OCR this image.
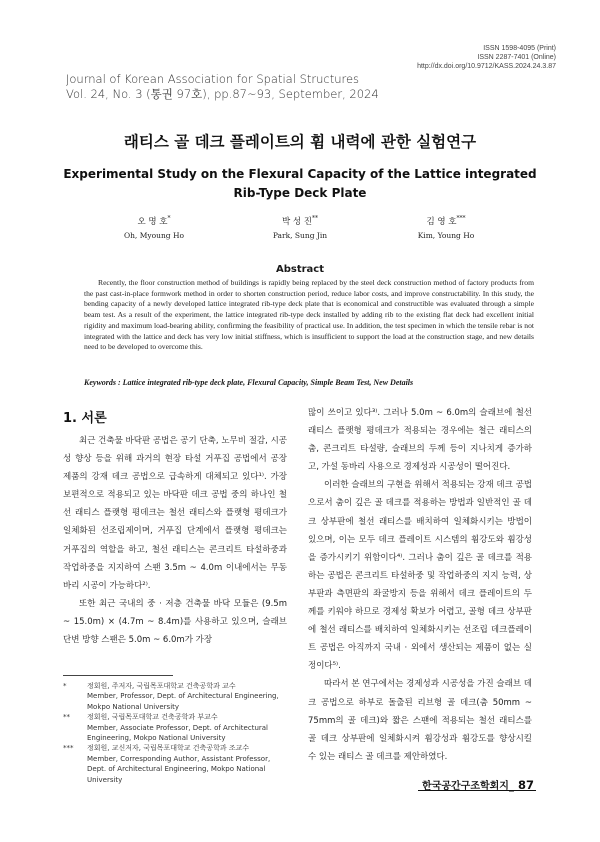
ISSN 1598-4095 (Print)
ISSN 2287-7401 (Online)
http://dx.doi.org/10.9712/KASS.2024.24.3.87
Journal of Korean Association for Spatial Structures
Vol. 24, No. 3 (통권 97호), pp.87~93, September, 2024
래티스 골 데크 플레이트의 휨 내력에 관한 실험연구
Experimental Study on the Flexural Capacity of the Lattice integrated
Rib-Type Deck Plate
오 명 호*
Oh, Myoung Ho
박 성 진**
Park, Sung Jin
김 영 호***
Kim, Young Ho
Abstract
Recently, the floor construction method of buildings is rapidly being replaced by the steel deck construction method of factory products from the past cast-in-place formwork method in order to shorten construction period, reduce labor costs, and improve constructability. In this study, the bending capacity of a newly developed lattice integrated rib-type deck plate that is economical and constructible was evaluated through a simple beam test. As a result of the experiment, the lattice integrated rib-type deck installed by adding rib to the existing flat deck had excellent initial rigidity and maximum load-bearing ability, confirming the feasibility of practical use. In addition, the test specimen in which the tensile rebar is not integrated with the lattice and deck has very low initial stiffness, which is insufficient to support the load at the construction stage, and new details need to be developed to overcome this.
Keywords : Lattice integrated rib-type deck plate, Flexural Capacity, Simple Beam Test, New Details
1. 서론

최근 건축물 바닥판 공법은 공기 단축, 노무비 절감, 시공성 향상 등을 위해 과거의 현장 타설 거푸집 공법에서 공장 제품의 강재 데크 공법으로 급속하게 대체되고 있다¹⁾. 가장 보편적으로 적용되고 있는 바닥판 데크 공법 중의 하나인 철선 래티스 플랫형 평데크는 철선 래티스와 플랫형 평데크가 일체화된 선조립제이며, 거푸집 단계에서 플랫형 평데크는 거푸집의 역할을 하고, 철선 래티스는 콘크리트 타설하중과 작업하중을 지지하여 스팬 3.5m ~ 4.0m 이내에서는 무동바리 시공이 가능하다²⁾.

또한 최근 국내의 중 · 저층 건축물 바닥 모듈은 (9.5m ~ 15.0m) × (4.7m ~ 8.4m)를 사용하고 있으며, 슬래브 단변 방향 스팬은 5.0m ~ 6.0m가 가장

많이 쓰이고 있다³⁾. 그러나 5.0m ~ 6.0m의 슬래브에 철선 래티스 플랫형 평데크가 적용되는 경우에는 철근 래티스의 춤, 콘크리트 타설량, 슬래브의 두께 등이 지나치게 증가하고, 가설 동바리 사용으로 경제성과 시공성이 떨어진다.

이러한 슬래브의 구현을 위해서 적용되는 강재 데크 공법으로서 춤이 깊은 골 데크를 적용하는 방법과 일반적인 골 데크 상부판에 철선 래티스를 배치하여 일체화시키는 방법이 있으며, 이는 모두 데크 플레이트 시스템의 휨강도와 휨강성을 증가시키기 위함이다⁴⁾. 그러나 춤이 깊은 골 데크를 적용하는 공법은 콘크리트 타설하중 및 작업하중의 지지 능력, 상부판과 측면판의 좌굴방지 등을 위해서 데크 플레이트의 두께를 키워야 하므로 경제성 확보가 어렵고, 골형 데크 상부판에 철선 래티스를 배치하여 일체화시키는 선조립 데크플레이트 공법은 아직까지 국내 · 외에서 생산되는 제품이 없는 실정이다⁵⁾.

따라서 본 연구에서는 경제성과 시공성을 가진 슬래브 데크 공법으로 하부로 돌출된 리브형 골 데크(춤 50mm ~ 75mm의 골 데크)와 짧은 스팬에 적용되는 철선 래티스를 골 데크 상부판에 일체화시켜 휨강성과 휨강도를 향상시킬 수 있는 래티스 골 데크를 제안하였다.

*	정회원, 주저자, 국립목포대학교 건축공학과 교수
Member, Professor, Dept. of Architectural Engineering,
Mokpo National University
** 정회원, 국립목포대학교 건축공학과 부교수
Member, Associate Professor, Dept. of Architectural
Engineering, Mokpo National University
*** 정회원, 교신저자, 국립목포대학교 건축공학과 조교수
Member, Corresponding Author, Assistant Professor,
Dept. of Architectural Engineering, Mokpo National
University
한국공간구조학회지_ 87
